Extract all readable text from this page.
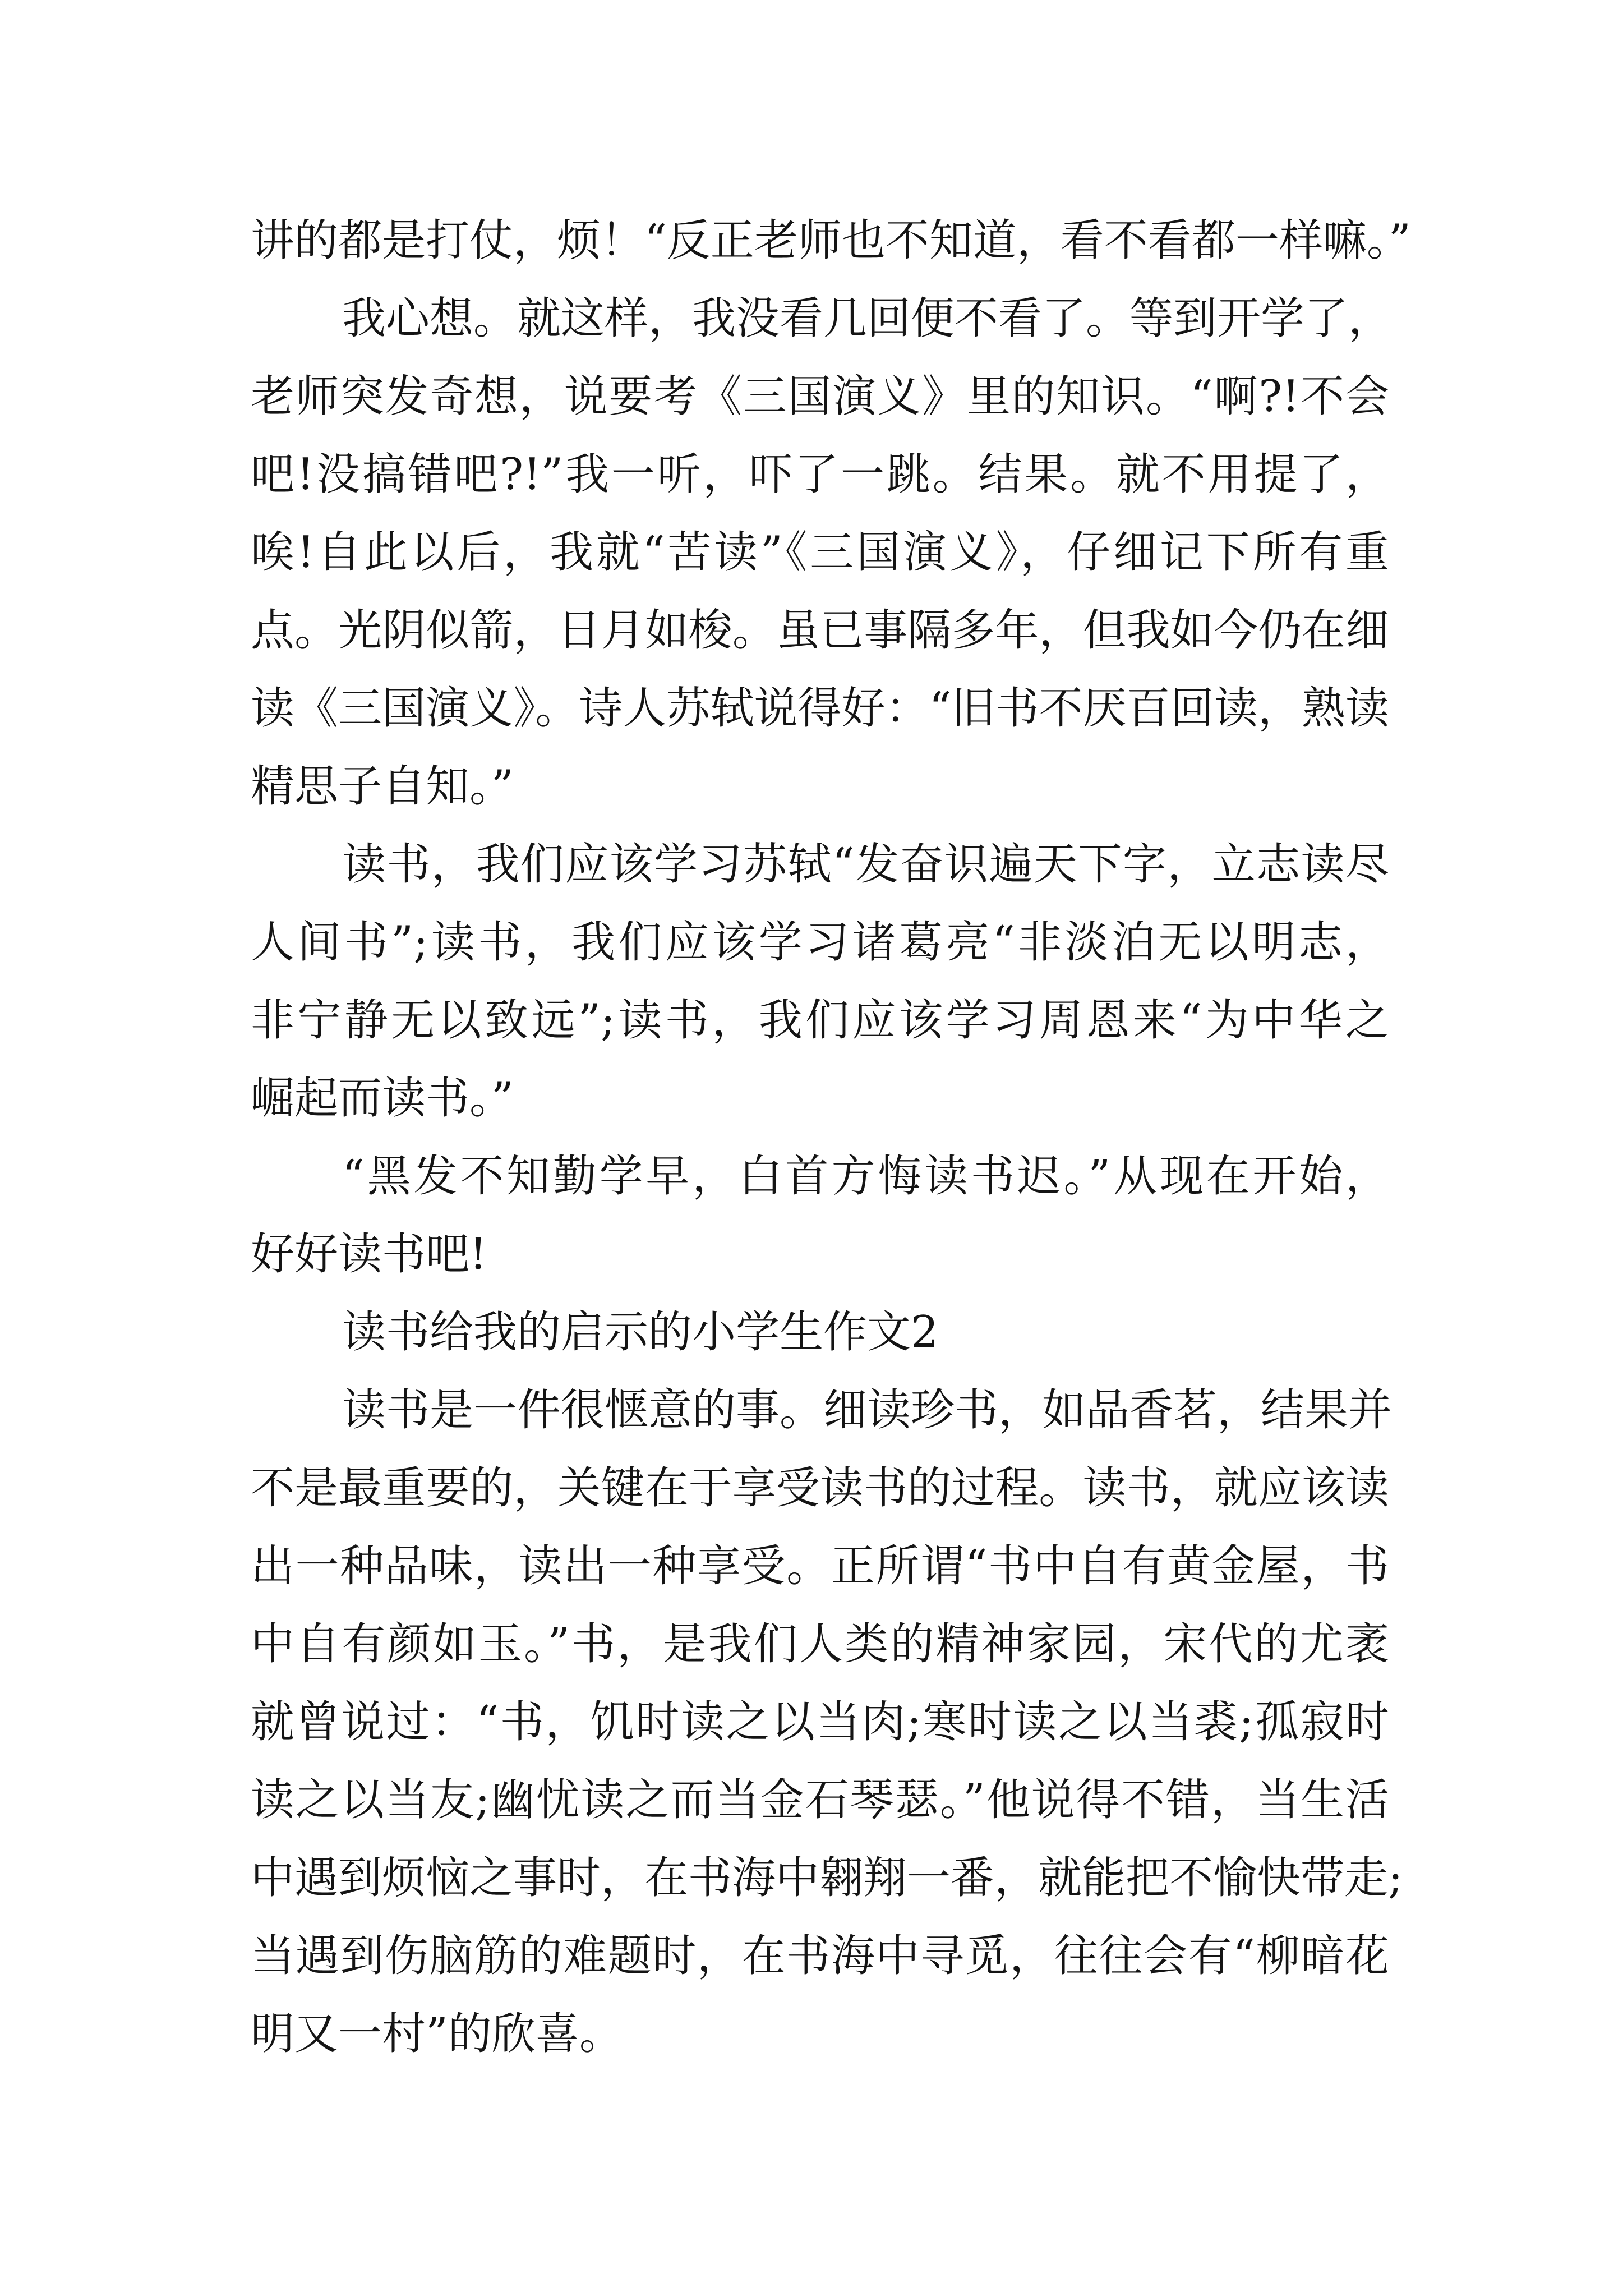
讲的都是打仗，烦！“反正老师也不知道，看不看都一样嘛。”
我心想。就这样，我没看几回便不看了。等到开学了，
老师突发奇想，说要考《三国演义》里的知识。“啊?!不会
吧!没搞错吧?!”我一听，吓了一跳。结果。就不用提了，
唉!自此以后，我就“苦读”《三国演义》，仔细记下所有重
点。光阴似箭，日月如梭。虽已事隔多年，但我如今仍在细
读《三国演义》。诗人苏轼说得好：“旧书不厌百回读，熟读
精思子自知。”
读书，我们应该学习苏轼“发奋识遍天下字，立志读尽
人间书”;读书，我们应该学习诸葛亮“非淡泊无以明志，
非宁静无以致远”;读书，我们应该学习周恩来“为中华之
崛起而读书。”
“黑发不知勤学早，白首方悔读书迟。”从现在开始，
好好读书吧!
读书给我的启示的小学生作文2
读书是一件很惬意的事。细读珍书，如品香茗，结果并
不是最重要的，关键在于享受读书的过程。读书，就应该读
出一种品味，读出一种享受。正所谓“书中自有黄金屋，书
中自有颜如玉。”书，是我们人类的精神家园，宋代的尤袤
就曾说过：“书，饥时读之以当肉;寒时读之以当裘;孤寂时
读之以当友;幽忧读之而当金石琴瑟。”他说得不错，当生活
中遇到烦恼之事时，在书海中翱翔一番，就能把不愉快带走;
当遇到伤脑筋的难题时，在书海中寻觅，往往会有“柳暗花
明又一村”的欣喜。
